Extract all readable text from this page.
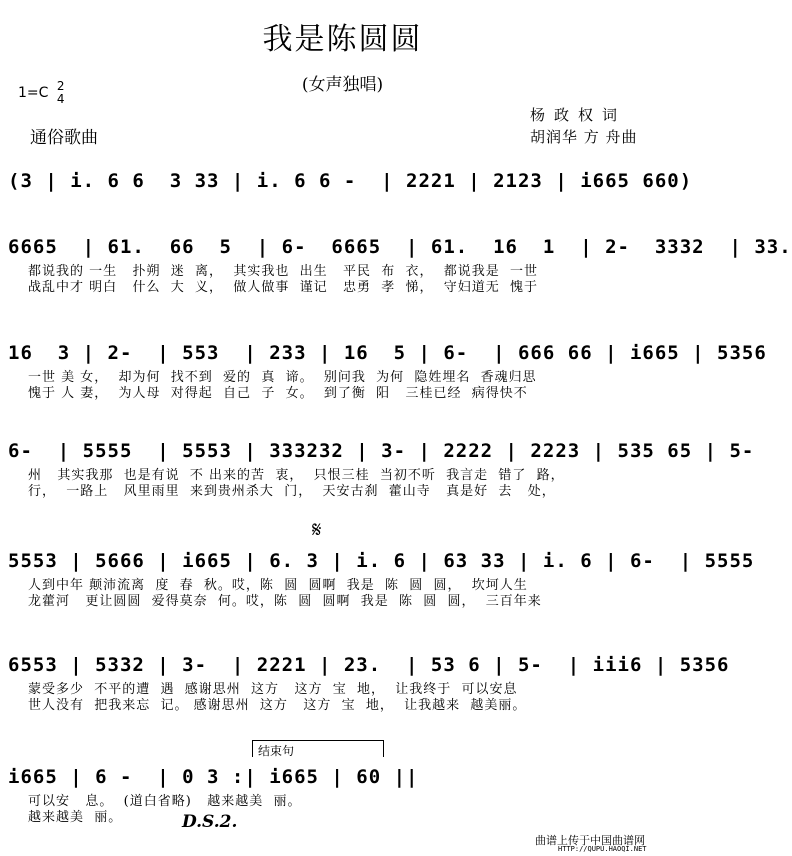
我是陈圆圆
(女声独唱)
1=C 2
4
通俗歌曲
杨政权词
胡润华 方 舟曲
(3 | i. 6 6  3 33 | i. 6 6 -  | 2221 | 2123 | i665 660)
6665  | 61.  66  5  | 6-  6665  | 61.  16  1  | 2-  3332  | 33.
都说我的 一生   扑朔  迷  离，  其实我也  出生   平民  布  衣，  都说我是  一世
战乱中才 明白   什么  大  义，  做人做事  谨记   忠勇  孝  悌，  守妇道无  愧于
16  3 | 2-  | 553  | 233 | 16  5 | 6-  | 666 66 | i665 | 5356
一世 美 女，  却为何  找不到  爱的  真  谛。  别问我  为何  隐姓埋名  香魂归思
愧于 人 妻，  为人母  对得起  自己  子  女。  到了衡  阳   三桂已经  病得快不
6-  | 5555  | 5553 | 333232 | 3- | 2222 | 2223 | 535 65 | 5-
州   其实我那  也是有说  不 出来的苦  衷，  只恨三桂  当初不听  我言走  错了  路，
行，  一路上   风里雨里  来到贵州杀大  门，  天安古刹  藿山寺   真是好  去   处，
𝄋
5553 | 5666 | i665 | 6. 3 | i. 6 | 63 33 | i. 6 | 6-  | 5555
人到中年 颠沛流离  度  春  秋。哎，陈  圆  圆啊  我是  陈  圆  圆，  坎坷人生
龙藿河   更让圆圆  爱得莫奈  何。哎，陈  圆  圆啊  我是  陈  圆  圆，  三百年来
6553 | 5332 | 3-  | 2221 | 23.  | 53 6 | 5-  | iii6 | 5356
蒙受多少  不平的遭  遇  感谢思州  这方   这方  宝  地，  让我终于  可以安息
世人没有  把我来忘  记。 感谢思州  这方   这方  宝  地，  让我越来  越美丽。
结束句
i665 | 6 -  | 0 3 :| i665 | 60 ||
可以安   息。  (道白省略)   越来越美  丽。
越来越美  丽。	D.S.2.
曲谱上传于中国曲谱网
HTTP://QUPU.HAOQI.NET
